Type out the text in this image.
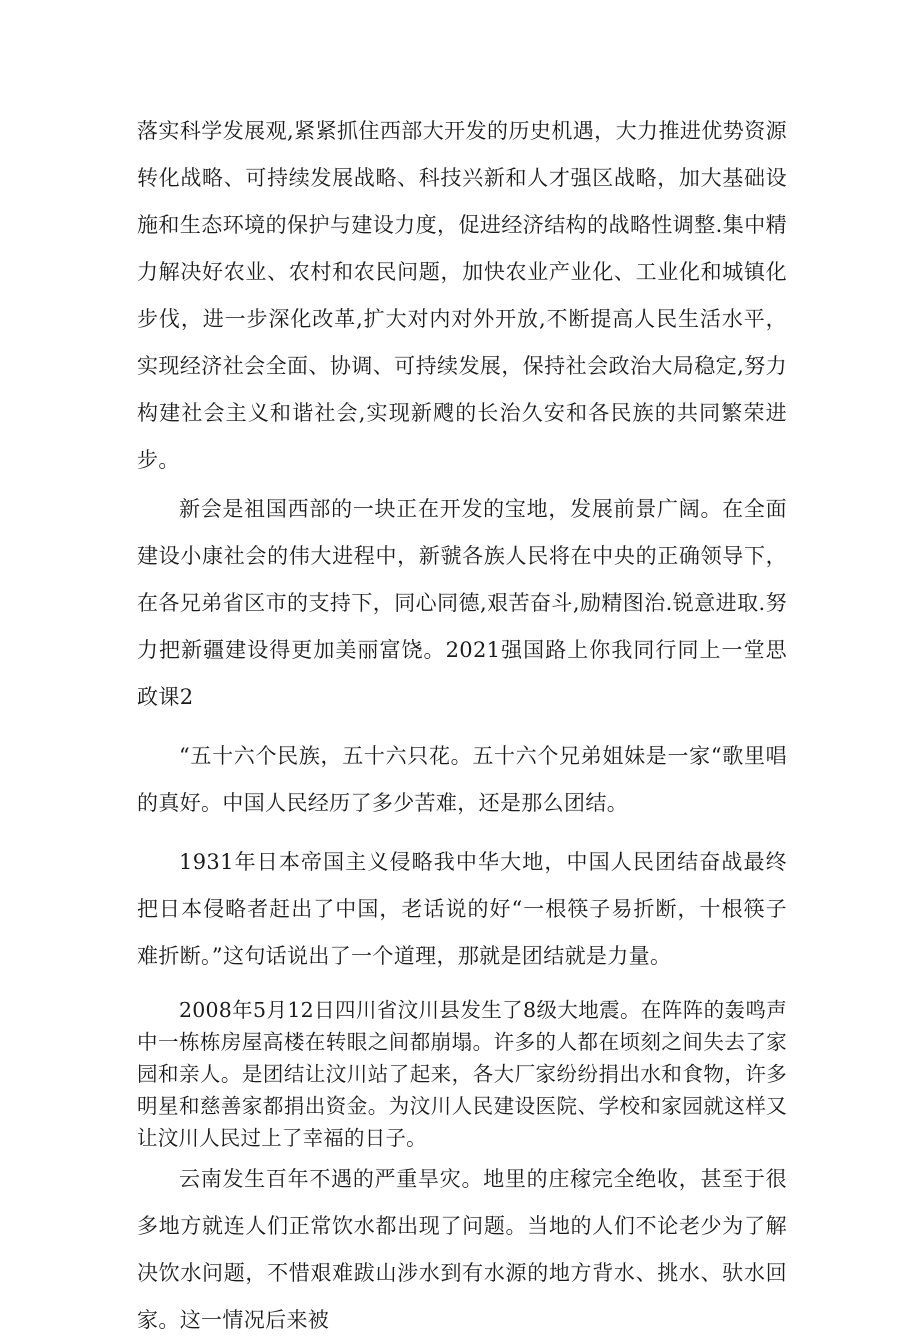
落实科学发展观,紧紧抓住西部大开发的历史机遇，大力推进优势资源转化战略、可持续发展战略、科技兴新和人才强区战略，加大基础设施和生态环境的保护与建设力度，促进经济结构的战略性调整.集中精力解决好农业、农村和农民问题，加快农业产业化、工业化和城镇化步伐，进一步深化改革,扩大对内对外开放,不断提高人民生活水平，实现经济社会全面、协调、可持续发展，保持社会政治大局稳定,努力构建社会主义和谐社会,实现新飕的长治久安和各民族的共同繁荣进步。

新会是祖国西部的一块正在开发的宝地，发展前景广阔。在全面建设小康社会的伟大进程中，新虢各族人民将在中央的正确领导下，在各兄弟省区市的支持下，同心同德,艰苦奋斗,励精图治.锐意进取.努力把新疆建设得更加美丽富饶。2021强国路上你我同行同上一堂思政课2

“五十六个民族，五十六只花。五十六个兄弟姐妹是一家“歌里唱的真好。中国人民经历了多少苦难，还是那么团结。

1931年日本帝国主义侵略我中华大地，中国人民团结奋战最终把日本侵略者赶出了中国，老话说的好“一根筷子易折断，十根筷子难折断。”这句话说出了一个道理，那就是团结就是力量。

2008年5月12日四川省汶川县发生了8级大地震。在阵阵的轰鸣声中一栋栋房屋高楼在转眼之间都崩塌。许多的人都在顷刻之间失去了家园和亲人。是团结让汶川站了起来，各大厂家纷纷捐出水和食物，许多明星和慈善家都捐出资金。为汶川人民建设医院、学校和家园就这样又让汶川人民过上了幸福的日子。

云南发生百年不遇的严重旱灾。地里的庄稼完全绝收，甚至于很多地方就连人们正常饮水都出现了问题。当地的人们不论老少为了解决饮水问题，不惜艰难跋山涉水到有水源的地方背水、挑水、驮水回家。这一情况后来被
